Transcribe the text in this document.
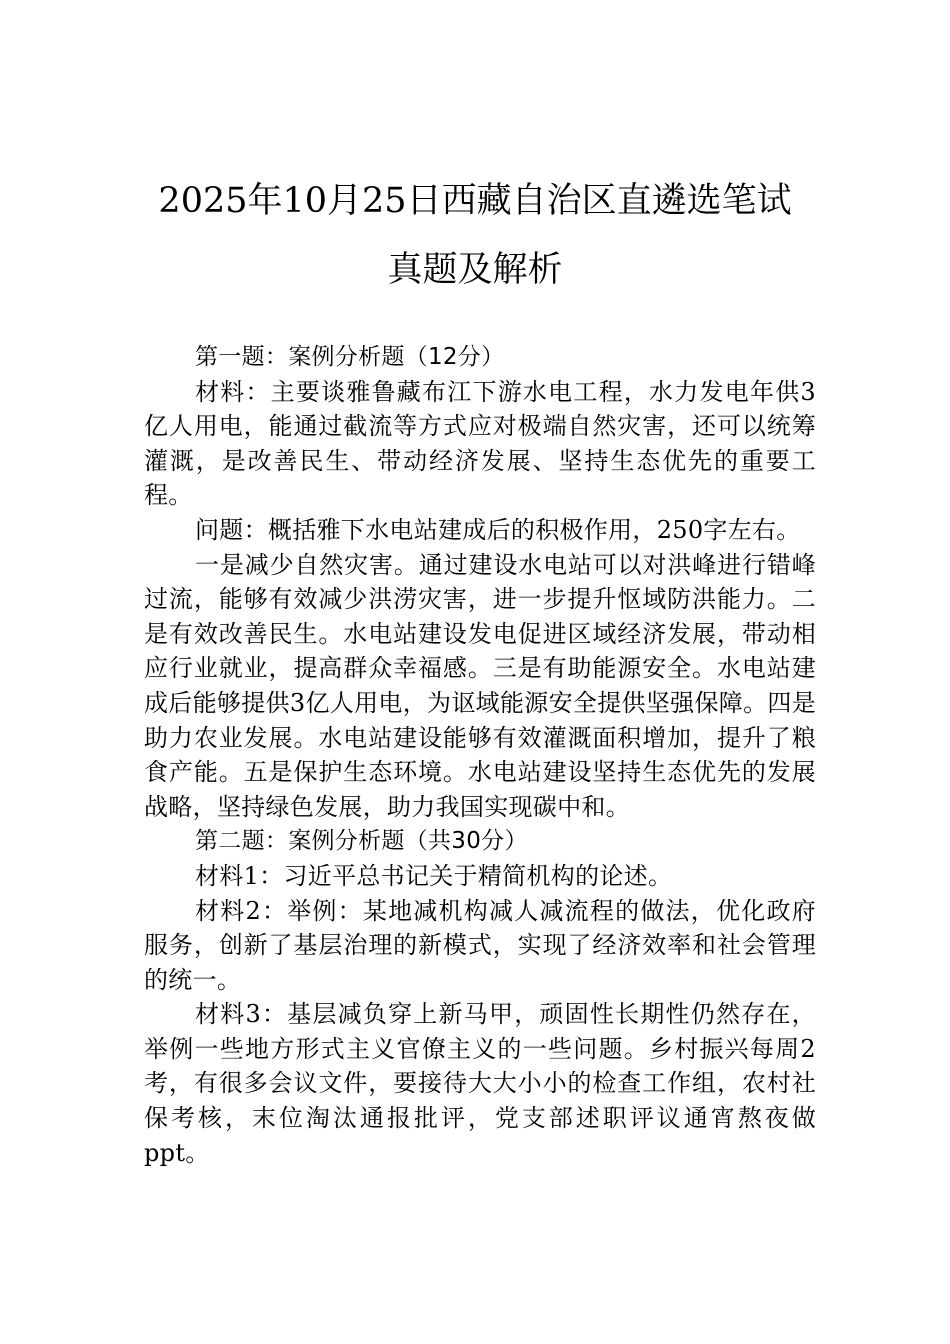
2025年10月25日西藏自治区直遴选笔试
真题及解析

第一题：案例分析题（12分）

材料：主要谈雅鲁藏布江下游水电工程，水力发电年供3亿人用电，能通过截流等方式应对极端自然灾害，还可以统筹灌溉，是改善民生、带动经济发展、坚持生态优先的重要工程。

问题：概括雅下水电站建成后的积极作用，250字左右。

一是减少自然灾害。通过建设水电站可以对洪峰进行错峰过流，能够有效减少洪涝灾害，进一步提升怄域防洪能力。二是有效改善民生。水电站建设发电促进区域经济发展，带动相应行业就业，提高群众幸福感。三是有助能源安全。水电站建成后能够提供3亿人用电，为讴域能源安全提供坚强保障。四是助力农业发展。水电站建设能够有效灌溉面积增加，提升了粮食产能。五是保护生态环境。水电站建设坚持生态优先的发展战略，坚持绿色发展，助力我国实现碳中和。

第二题：案例分析题（共30分）

材料1：习近平总书记关于精简机构的论述。

材料2：举例：某地减机构减人减流程的做法，优化政府服务，创新了基层治理的新模式，实现了经济效率和社会管理的统一。

材料3：基层减负穿上新马甲，顽固性长期性仍然存在，举例一些地方形式主义官僚主义的一些问题。乡村振兴每周2考，有很多会议文件，要接待大大小小的检查工作组，农村社保考核，末位淘汰通报批评，党支部述职评议通宵熬夜做ppt。
